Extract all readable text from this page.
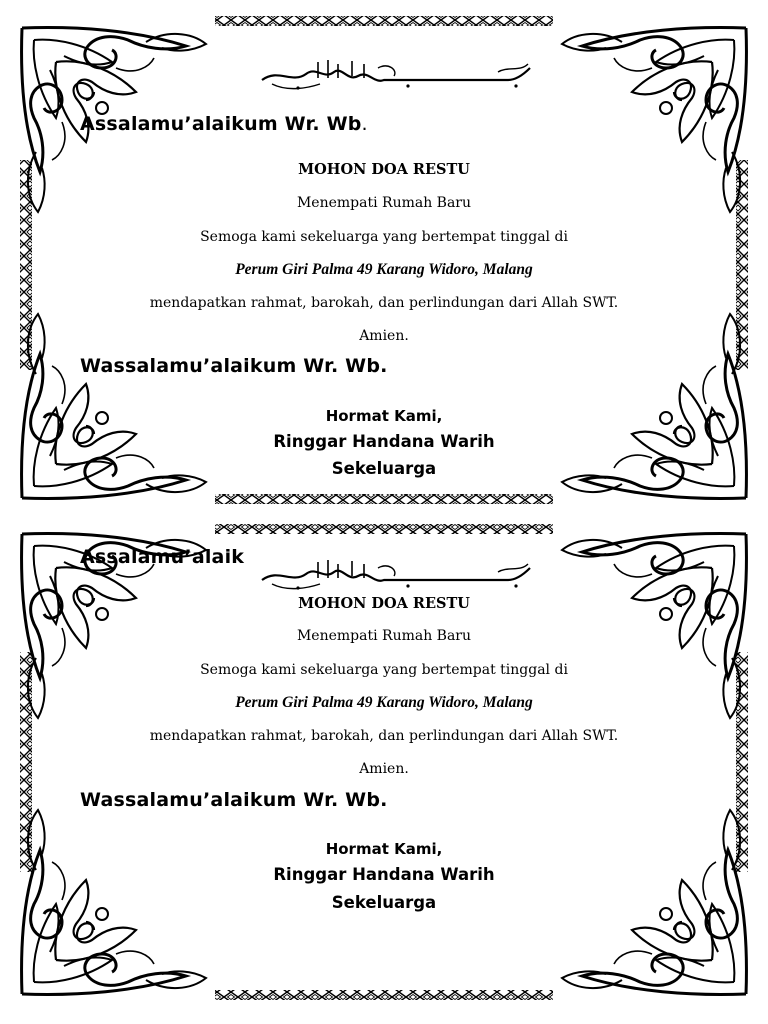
Assalamu’alaikum Wr. Wb.

MOHON DOA RESTU

Menempati Rumah Baru

Semoga kami sekeluarga yang bertempat tinggal di

Perum Giri Palma 49 Karang Widoro, Malang

mendapatkan rahmat, barokah, dan perlindungan dari Allah SWT.

Amien.

Wassalamu’alaikum Wr. Wb.

Hormat Kami,

Ringgar Handana Warih

Sekeluarga

Assalamu’alaik

MOHON DOA RESTU

Menempati Rumah Baru

Semoga kami sekeluarga yang bertempat tinggal di

Perum Giri Palma 49 Karang Widoro, Malang

mendapatkan rahmat, barokah, dan perlindungan dari Allah SWT.

Amien.

Wassalamu’alaikum Wr. Wb.

Hormat Kami,

Ringgar Handana Warih

Sekeluarga
